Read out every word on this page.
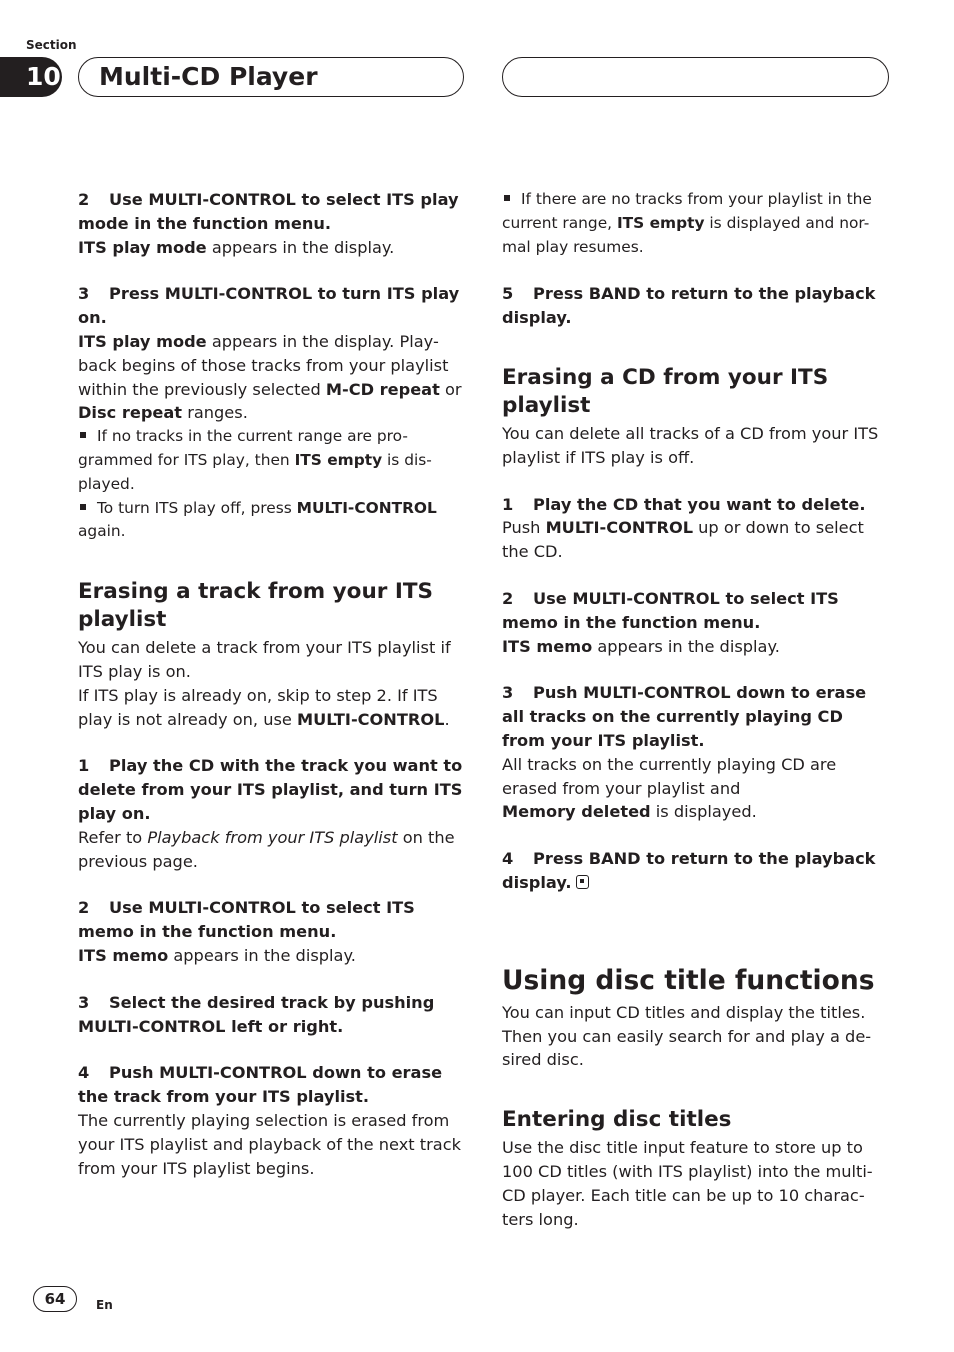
Section
10	Multi-CD Player
2 Use MULTI-CONTROL to select ITS play mode in the function menu.

ITS play mode appears in the display.

3 Press MULTI-CONTROL to turn ITS play on.

ITS play mode appears in the display. Play-back begins of those tracks from your playlist within the previously selected M-CD repeat or Disc repeat ranges.

If no tracks in the current range are pro-grammed for ITS play, then ITS empty is dis-played.

To turn ITS play off, press MULTI-CONTROL again.

Erasing a track from your ITS playlist

You can delete a track from your ITS playlist if ITS play is on.

If ITS play is already on, skip to step 2. If ITS play is not already on, use MULTI-CONTROL.

1 Play the CD with the track you want to delete from your ITS playlist, and turn ITS play on.

Refer to Playback from your ITS playlist on the previous page.

2 Use MULTI-CONTROL to select ITS memo in the function menu.

ITS memo appears in the display.

3 Select the desired track by pushing MULTI-CONTROL left or right.
4 Push MULTI-CONTROL down to erase the track from your ITS playlist.

The currently playing selection is erased from your ITS playlist and playback of the next track from your ITS playlist begins.

If there are no tracks from your playlist in the current range, ITS empty is displayed and nor-mal play resumes.

5 Press BAND to return to the playback display.
Erasing a CD from your ITS playlist

You can delete all tracks of a CD from your ITS playlist if ITS play is off.

1 Play the CD that you want to delete.

Push MULTI-CONTROL up or down to select the CD.

2 Use MULTI-CONTROL to select ITS memo in the function menu.

ITS memo appears in the display.

3 Push MULTI-CONTROL down to erase all tracks on the currently playing CD from your ITS playlist.

All tracks on the currently playing CD are erased from your playlist and
Memory deleted is displayed.

4 Press BAND to return to the playback display.
Using disc title functions

You can input CD titles and display the titles. Then you can easily search for and play a de-sired disc.

Entering disc titles

Use the disc title input feature to store up to 100 CD titles (with ITS playlist) into the multi-CD player. Each title can be up to 10 charac-ters long.

64	En
